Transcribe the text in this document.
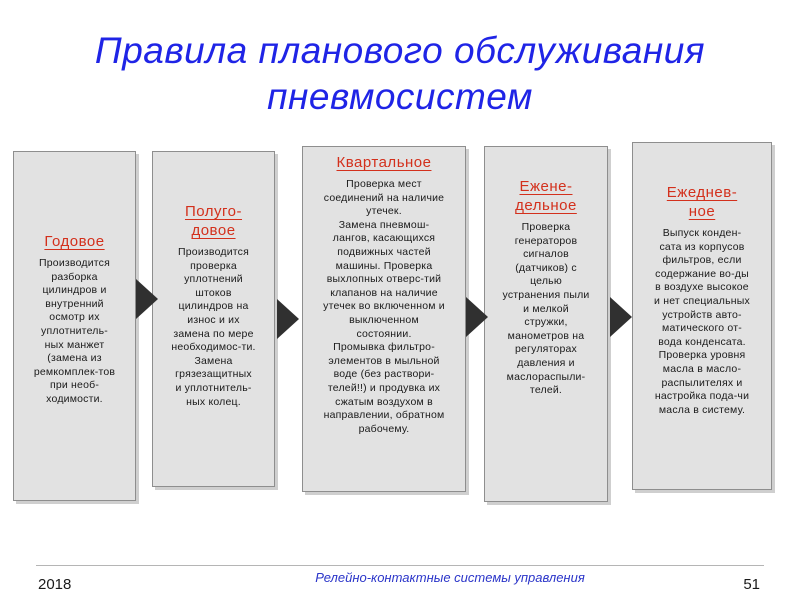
Правила планового обслуживания
пневмосистем
Годовое
Производится
разборка
цилиндров и
внутренний
осмотр их
уплотнитель-
ных манжет
(замена из
ремкомплек-тов
при необ-
ходимости.
Полуго-
довое
Производится
проверка
уплотнений
штоков
цилиндров на
износ и их
замена по мере
необходимос-ти.
Замена
грязезащитных
и уплотнитель-
ных колец.
Квартальное
Проверка мест
соединений на наличие
утечек.
Замена пневмош-
лангов, касающихся
подвижных частей
машины. Проверка
выхлопных отверс-тий
клапанов на наличие
утечек во включенном и
выключенном
состоянии.
Промывка фильтро-
элементов в мыльной
воде (без раствори-
телей!!) и продувка их
сжатым воздухом в
направлении, обратном
рабочему.
Ежене-
дельное
Проверка
генераторов
сигналов
(датчиков) с
целью
устранения пыли
и мелкой
стружки,
манометров на
регуляторах
давления и
маслораспыли-
телей.
Ежеднев-
ное
Выпуск конден-
сата из корпусов
фильтров, если
содержание во-ды
в воздухе высокое
и нет специальных
устройств авто-
матического от-
вода конденсата.
Проверка уровня
масла в масло-
распылителях и
настройка пода-чи
масла в систему.
2018	Релейно-контактные системы управления	51
